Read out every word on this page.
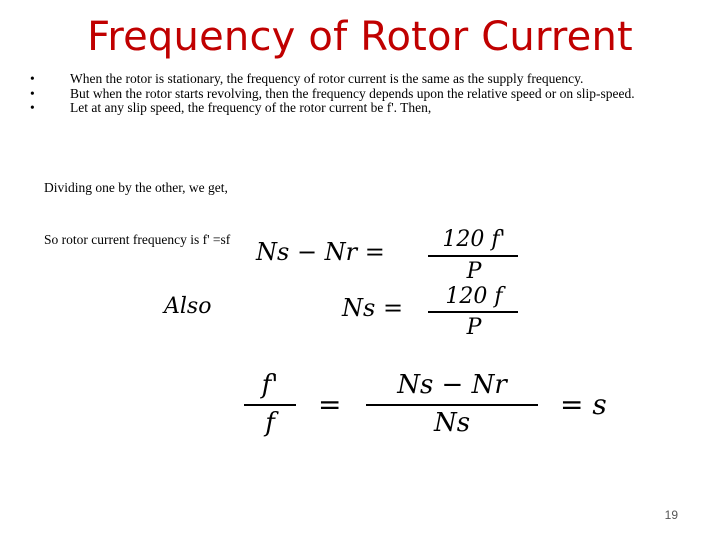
Frequency of Rotor Current
•	When the rotor is stationary, the frequency of rotor current is the same as the supply frequency.
•	But when the rotor starts revolving, then the frequency depends upon the relative speed or on slip-speed.
•	Let at any slip speed, the frequency of the rotor current be f'. Then,
Dividing one by the other, we get,
So rotor current frequency is f' =sf Ns − Nr =	120 f'
P
Also	Ns =	120 f
P
f'
f
=
Ns − Nr
Ns
= s
19
